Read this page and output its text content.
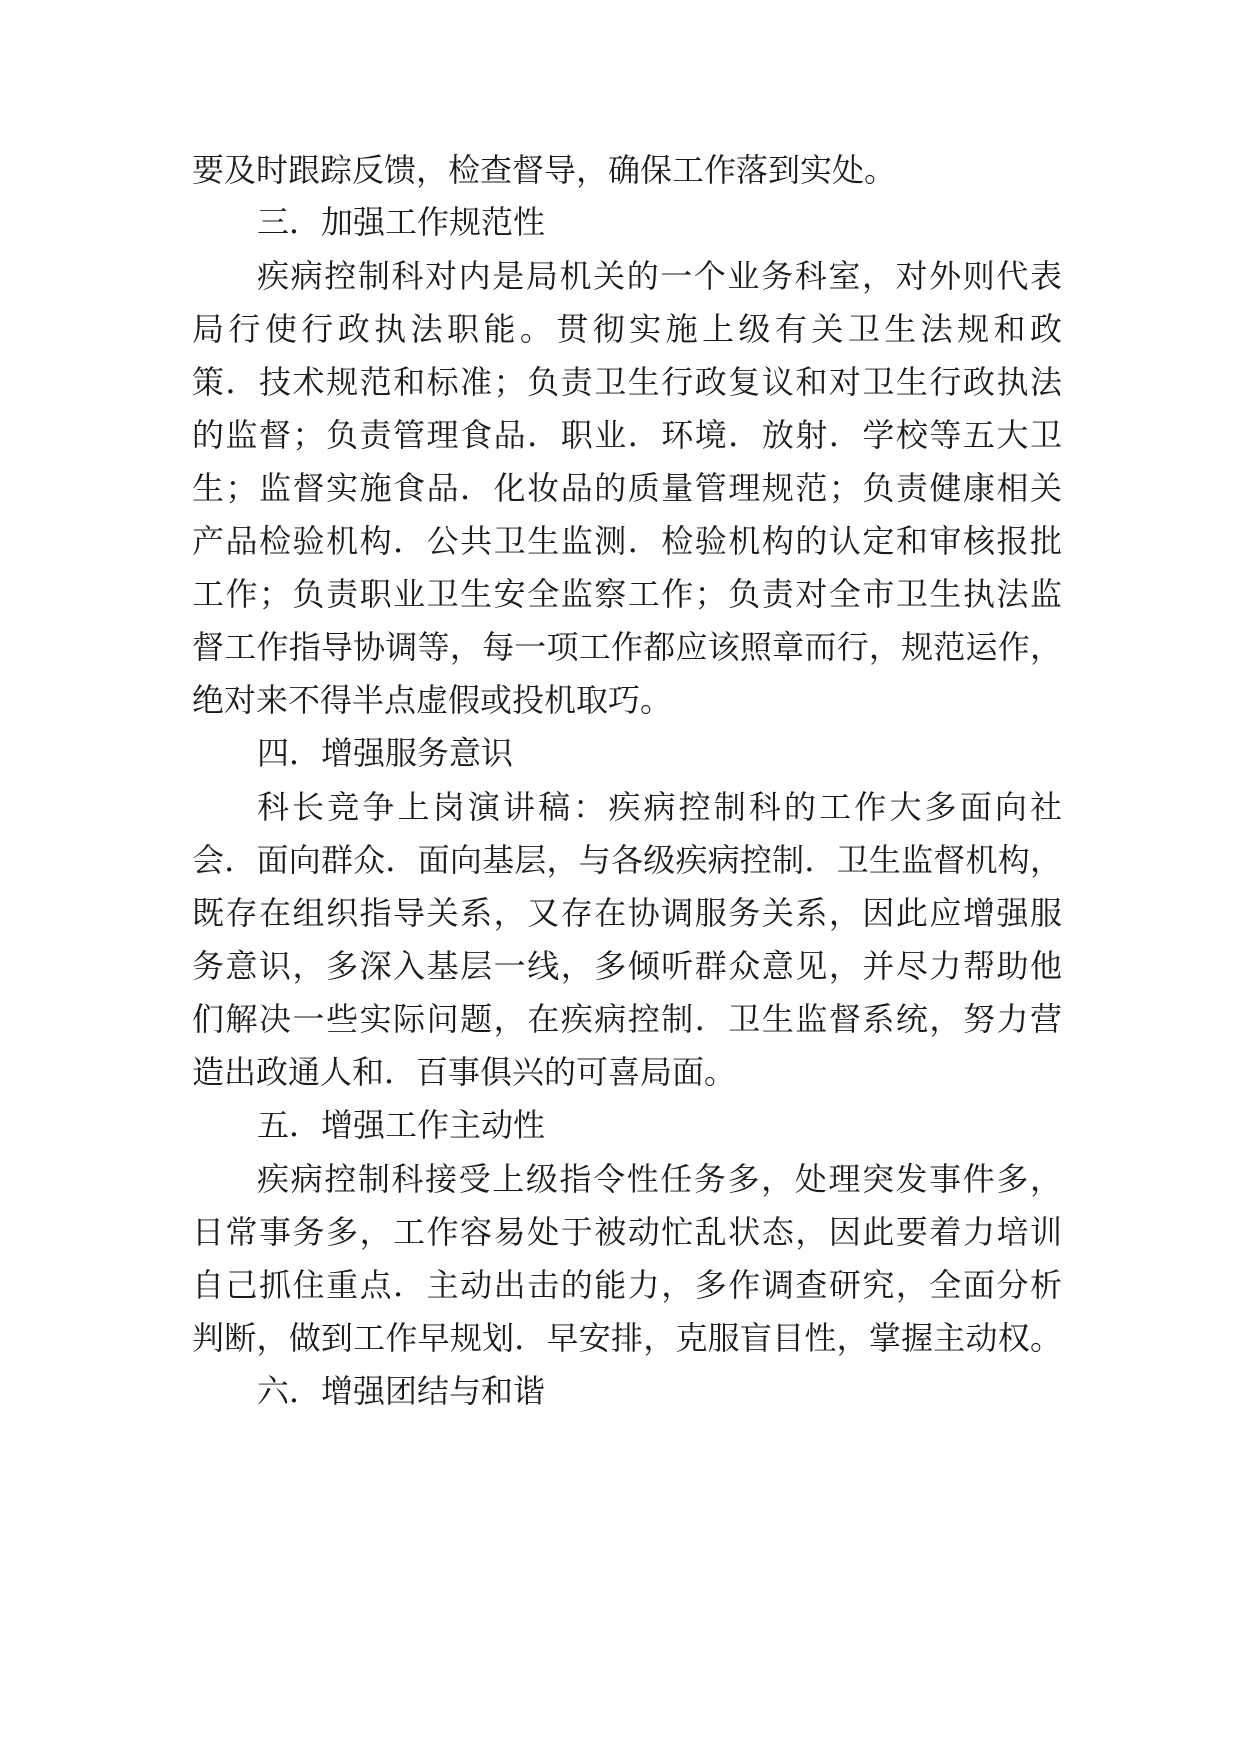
要及时跟踪反馈，检查督导，确保工作落到实处。
三．加强工作规范性
疾病控制科对内是局机关的一个业务科室，对外则代表
局行使行政执法职能。贯彻实施上级有关卫生法规和政
策．技术规范和标准；负责卫生行政复议和对卫生行政执法
的监督；负责管理食品．职业．环境．放射．学校等五大卫
生；监督实施食品．化妆品的质量管理规范；负责健康相关
产品检验机构．公共卫生监测．检验机构的认定和审核报批
工作；负责职业卫生安全监察工作；负责对全市卫生执法监
督工作指导协调等，每一项工作都应该照章而行，规范运作，
绝对来不得半点虚假或投机取巧。
四．增强服务意识
科长竞争上岗演讲稿：疾病控制科的工作大多面向社
会．面向群众．面向基层，与各级疾病控制．卫生监督机构，
既存在组织指导关系，又存在协调服务关系，因此应增强服
务意识，多深入基层一线，多倾听群众意见，并尽力帮助他
们解决一些实际问题，在疾病控制．卫生监督系统，努力营
造出政通人和．百事俱兴的可喜局面。
五．增强工作主动性
疾病控制科接受上级指令性任务多，处理突发事件多，
日常事务多，工作容易处于被动忙乱状态，因此要着力培训
自己抓住重点．主动出击的能力，多作调查研究，全面分析
判断，做到工作早规划．早安排，克服盲目性，掌握主动权。
六．增强团结与和谐
